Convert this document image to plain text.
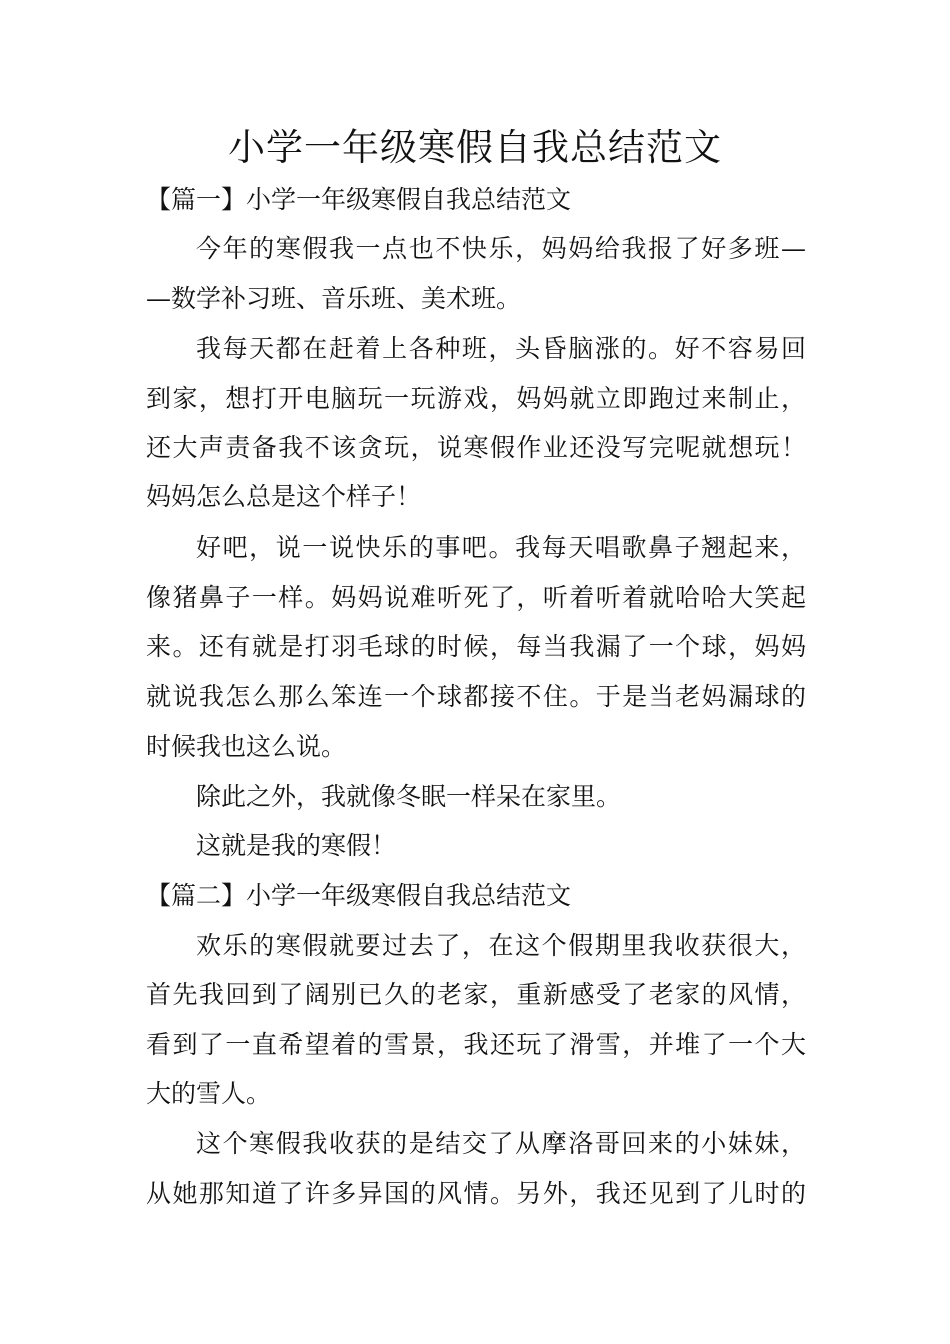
小学一年级寒假自我总结范文

【篇一】小学一年级寒假自我总结范文

今年的寒假我一点也不快乐，妈妈给我报了好多班—

—数学补习班、音乐班、美术班。

我每天都在赶着上各种班，头昏脑涨的。好不容易回

到家，想打开电脑玩一玩游戏，妈妈就立即跑过来制止，

还大声责备我不该贪玩，说寒假作业还没写完呢就想玩！

妈妈怎么总是这个样子！

好吧，说一说快乐的事吧。我每天唱歌鼻子翘起来，

像猪鼻子一样。妈妈说难听死了，听着听着就哈哈大笑起

来。还有就是打羽毛球的时候，每当我漏了一个球，妈妈

就说我怎么那么笨连一个球都接不住。于是当老妈漏球的

时候我也这么说。

除此之外，我就像冬眠一样呆在家里。

这就是我的寒假！

【篇二】小学一年级寒假自我总结范文

欢乐的寒假就要过去了，在这个假期里我收获很大，

首先我回到了阔别已久的老家，重新感受了老家的风情，

看到了一直希望着的雪景，我还玩了滑雪，并堆了一个大

大的雪人。

这个寒假我收获的是结交了从摩洛哥回来的小妹妹，

从她那知道了许多异国的风情。另外，我还见到了儿时的
